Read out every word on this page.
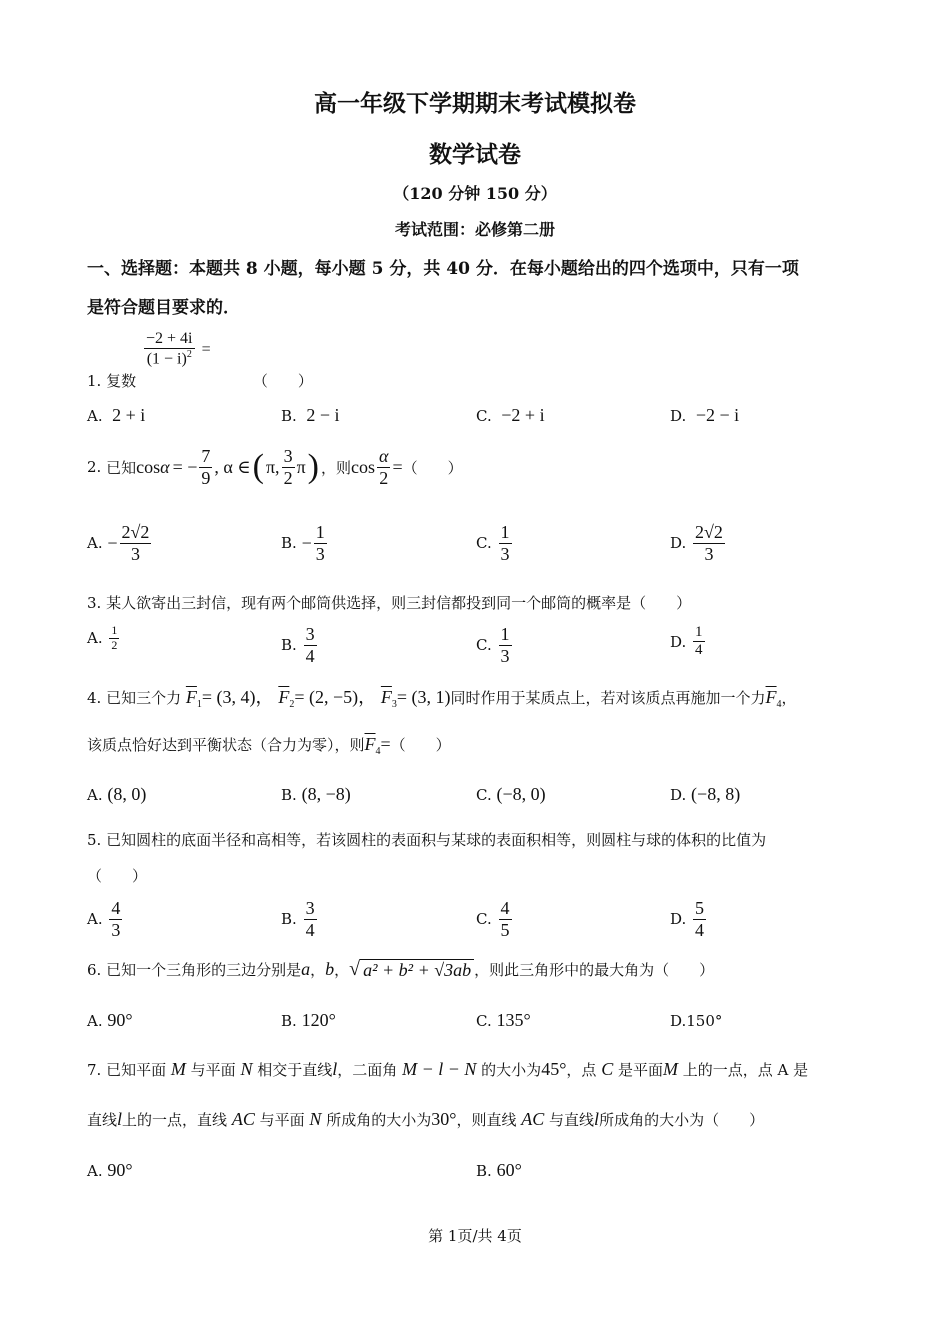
高一年级下学期期末考试模拟卷
数学试卷
（120 分钟 150 分）
考试范围：必修第二册
一、选择题：本题共 8 小题，每小题 5 分，共 40 分．在每小题给出的四个选项中，只有一项
是符合题目要求的．
$\frac{-2 + 4i}{(1 - i)^2}$ =
1. 复数	（　　）
A. 2 + i	B. 2 − i	C. −2 + i	D. −2 − i
2.
已知 cos α = − $\frac{7}{9}$ , α ∈ ( π, $\frac{3}{2}$ π ) ，则 $\cos \frac{\alpha}{2}$ = （　　）
A.
− $\frac{2√2}{3}$	B.
− $\frac{1}{3}$	C.
$\frac{1}{3}$	D.
$\frac{2√2}{3}$
3. 某人欲寄出三封信，现有两个邮筒供选择，则三封信都投到同一个邮筒的概率是（　　）
A.
$\frac{1}{2}$	B.
$\frac{3}{4}$	C.
$\frac{1}{3}$	D.
$\frac{1}{4}$
4. 已知三个力 $\overline{F}_1= (3$, 4)， $\overline{F}_2= (2$, −5)， $\overline{F}_3= (3$, 1)同时作用于某质点上，若对该质点再施加一个力$\overline{F}_4$，
该质点恰好达到平衡状态（合力为零），则$\overline{F}_4=$（　　）
A. (8, 0)	B. (8, −8)	C. (−8, 0)	D. (−8, 8)
5. 已知圆柱的底面半径和高相等，若该圆柱的表面积与某球的表面积相等，则圆柱与球的体积的比值为
（　　）
A.
$\frac{4}{3}$	B.
$\frac{3}{4}$	C.
$\frac{4}{5}$	D.
$\frac{5}{4}$
6.
已知一个三角形的三边分别是 a ， b ， √ a² + b² + √3ab ，则此三角形中的最大角为（　　）
A. 90°	B. 120°	C. 135°	D.150°
7. 已知平面 M 与平面 N 相交于直线l，二面角 M − l − N 的大小为45°，点 C 是平面M 上的一点，点 A 是
直线l上的一点，直线 AC 与平面 N 所成角的大小为30°，则直线 AC 与直线l所成角的大小为（　　）
A. 90°	B. 60°
第 1页/共 4页
